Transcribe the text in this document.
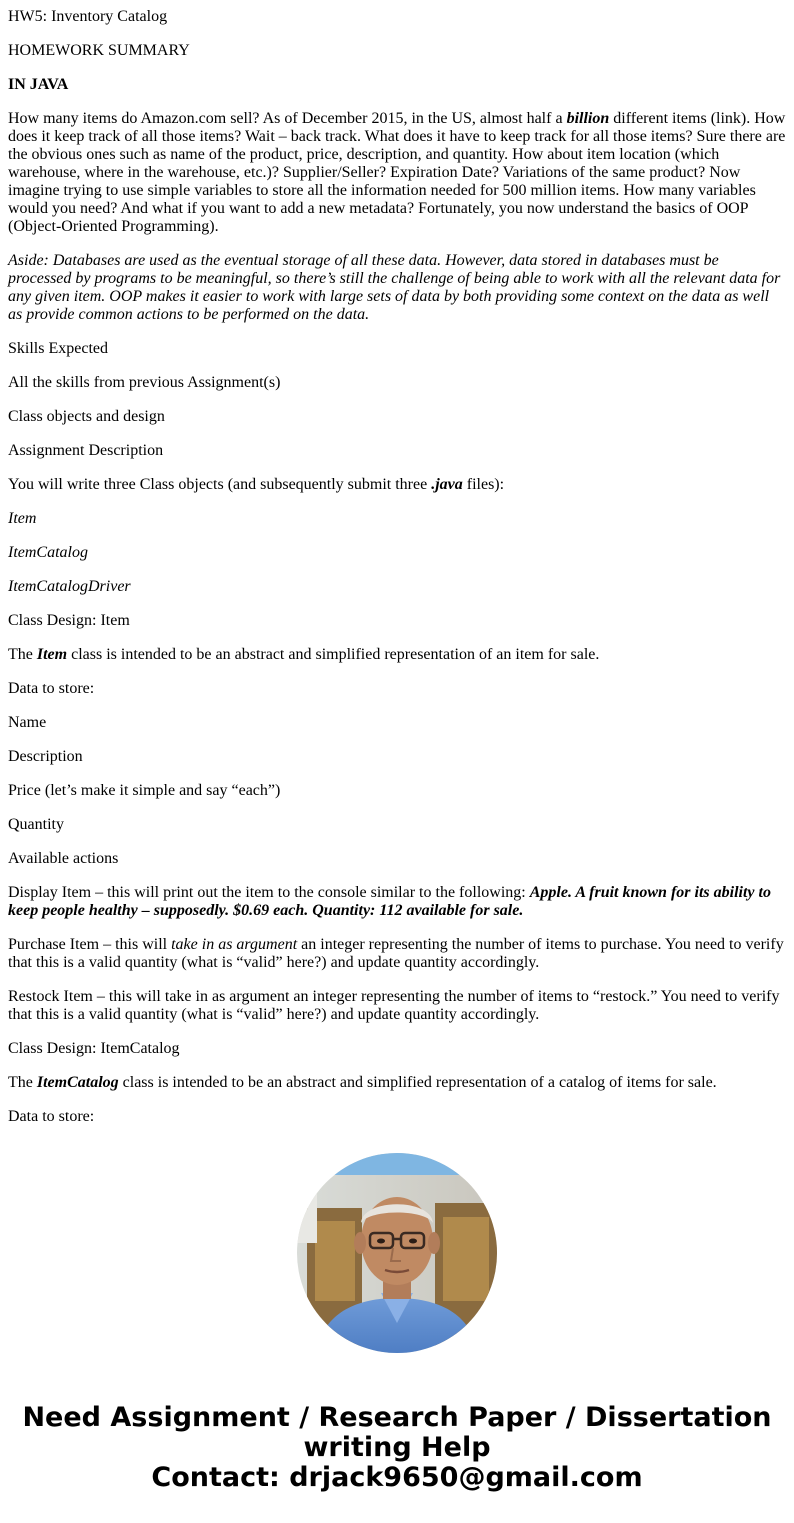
HW5: Inventory Catalog

HOMEWORK SUMMARY

IN JAVA

How many items do Amazon.com sell? As of December 2015, in the US, almost half a billion different items (link). How does it keep track of all those items? Wait – back track. What does it have to keep track for all those items? Sure there are the obvious ones such as name of the product, price, description, and quantity. How about item location (which warehouse, where in the warehouse, etc.)? Supplier/Seller? Expiration Date? Variations of the same product? Now imagine trying to use simple variables to store all the information needed for 500 million items. How many variables would you need? And what if you want to add a new metadata? Fortunately, you now understand the basics of OOP (Object-Oriented Programming).

Aside: Databases are used as the eventual storage of all these data. However, data stored in databases must be processed by programs to be meaningful, so there’s still the challenge of being able to work with all the relevant data for any given item. OOP makes it easier to work with large sets of data by both providing some context on the data as well as provide common actions to be performed on the data.

Skills Expected

All the skills from previous Assignment(s)

Class objects and design

Assignment Description

You will write three Class objects (and subsequently submit three .java files):

Item

ItemCatalog

ItemCatalogDriver

Class Design: Item

The Item class is intended to be an abstract and simplified representation of an item for sale.

Data to store:

Name

Description

Price (let’s make it simple and say “each”)

Quantity

Available actions

Display Item – this will print out the item to the console similar to the following: Apple. A fruit known for its ability to keep people healthy – supposedly. $0.69 each. Quantity: 112 available for sale.

Purchase Item – this will take in as argument an integer representing the number of items to purchase. You need to verify that this is a valid quantity (what is “valid” here?) and update quantity accordingly.

Restock Item – this will take in as argument an integer representing the number of items to “restock.” You need to verify that this is a valid quantity (what is “valid” here?) and update quantity accordingly.

Class Design: ItemCatalog

The ItemCatalog class is intended to be an abstract and simplified representation of a catalog of items for sale.

Data to store:

Need Assignment / Research Paper / Dissertation
writing Help
Contact: drjack9650@gmail.com
